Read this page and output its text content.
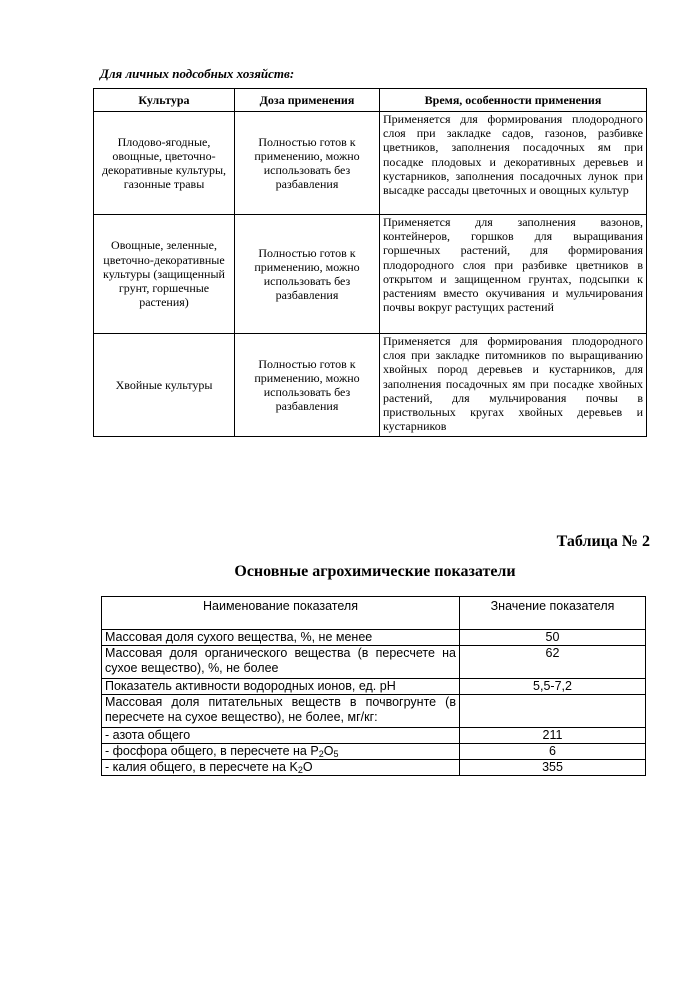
Для личных подсобных хозяйств:
Культура	Доза применения	Время, особенности применения
Плодово-ягодные, овощные, цветочно-декоративные культуры, газонные травы	Полностью готов к применению, можно использовать без разбавления	Применяется для формирования плодородного слоя при закладке садов, газонов, разбивке цветников, заполнения посадочных ям при посадке плодовых и декоративных деревьев и кустарников, заполнения посадочных лунок при высадке рассады цветочных и овощных культур
Овощные, зеленные, цветочно-декоративные культуры (защищенный грунт, горшечные растения)	Полностью готов к применению, можно использовать без разбавления	Применяется для заполнения вазонов, контейнеров, горшков для выращивания горшечных растений, для формирования плодородного слоя при разбивке цветников в открытом и защищенном грунтах, подсыпки к растениям вместо окучивания и мульчирования почвы вокруг растущих растений
Хвойные культуры	Полностью готов к применению, можно использовать без разбавления	Применяется для формирования плодородного слоя при закладке питомников по выращиванию хвойных пород деревьев и кустарников, для заполнения посадочных ям при посадке хвойных растений, для мульчирования почвы в приствольных кругах хвойных деревьев и кустарников
Таблица № 2
Основные агрохимические показатели
Наименование показателя	Значение показателя
Массовая доля сухого вещества, %, не менее	50
Массовая доля органического вещества (в пересчете на сухое вещество), %, не более	62
Показатель активности водородных ионов, ед. pH	5,5-7,2
Массовая доля питательных веществ в почвогрунте (в пересчете на сухое вещество), не более, мг/кг:	
- азота общего	211
- фосфора общего, в пересчете на $P_2O_5$	6
- калия общего, в пересчете на $K_2O$	355
